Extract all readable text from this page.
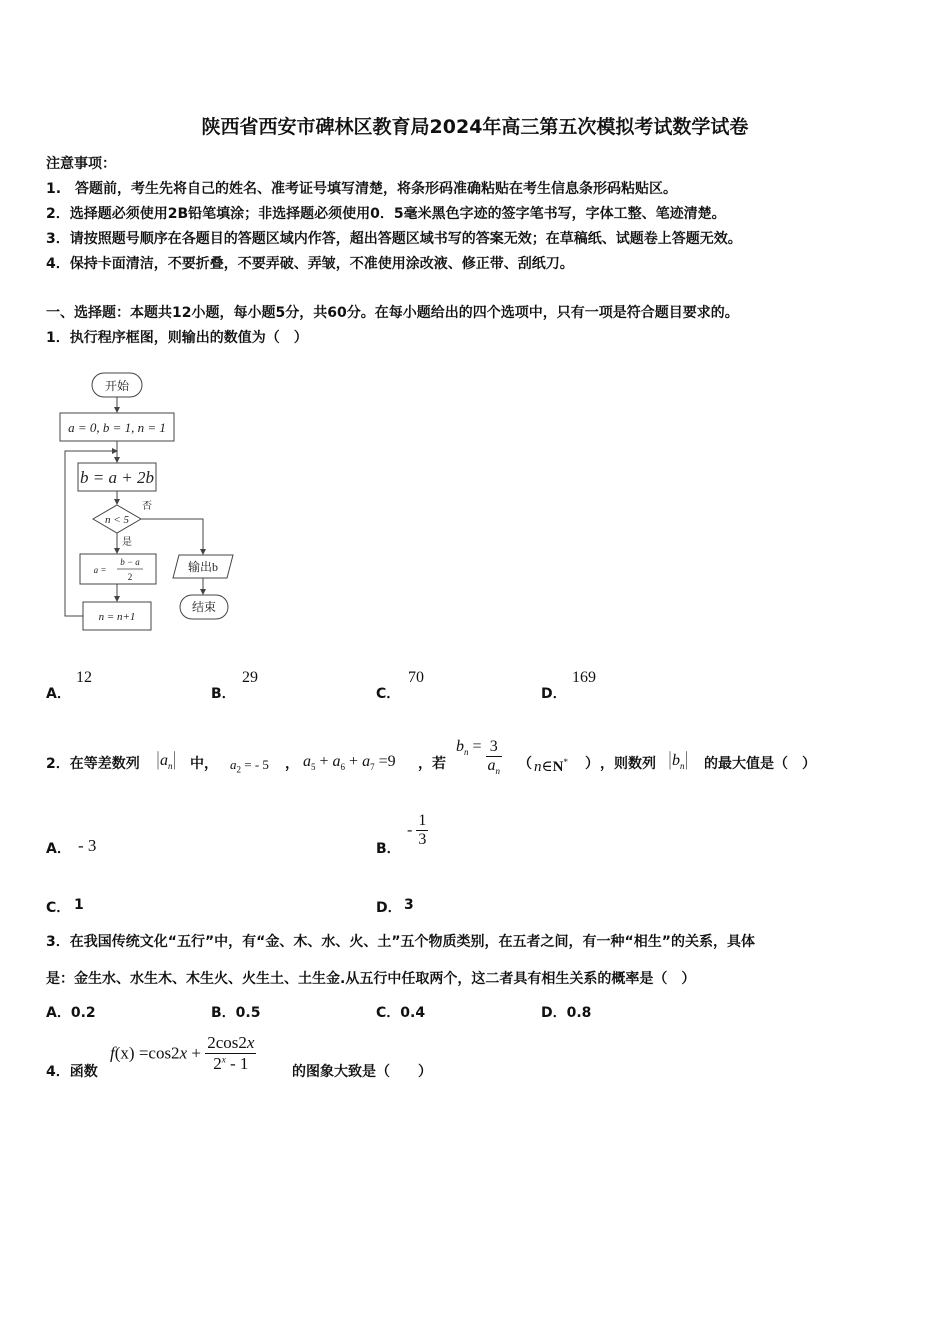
陕西省西安市碑林区教育局2024年高三第五次模拟考试数学试卷
注意事项：
1.　答题前，考生先将自己的姓名、准考证号填写清楚，将条形码准确粘贴在考生信息条形码粘贴区。
2．选择题必须使用2B铅笔填涂；非选择题必须使用0．5毫米黑色字迹的签字笔书写，字体工整、笔迹清楚。
3．请按照题号顺序在各题目的答题区域内作答，超出答题区域书写的答案无效；在草稿纸、试题卷上答题无效。
4．保持卡面清洁，不要折叠，不要弄破、弄皱，不准使用涂改液、修正带、刮纸刀。
一、选择题：本题共12小题，每小题5分，共60分。在每小题给出的四个选项中，只有一项是符合题目要求的。
1．执行程序框图，则输出的数值为（　）
开始
a = 0, b = 1, n = 1
b = a + 2b
n < 5
否
是
a =
b − a
2
n = n+1
输出b
结束
A．
12
B．
29
C．
70
D．
169
2．在等差数列 $|a_n|$ 中， $a_2$ = - 5 ， $a_5 + a_6 + a_7 =9$ ，若
$b_n = \frac{3}{a_n}$ （ n∈N* ） ，则数列 $|b_n|$ 的最大值是（　）
A． - 3	B．
- $\frac{1}{3}$
C． 1	D． 3
3．在我国传统文化“五行”中，有“金、木、水、火、土”五个物质类别，在五者之间，有一种“相生”的关系，具体
是：金生水、水生木、木生火、火生土、土生金.从五行中任取两个，这二者具有相生关系的概率是（　）
A．0.2	B．0.5	C．0.4	D．0.8
4．函数
$f(x) =\cos 2x + \frac{2\cos 2x}{2^x - 1}$	的图象大致是（　　）
